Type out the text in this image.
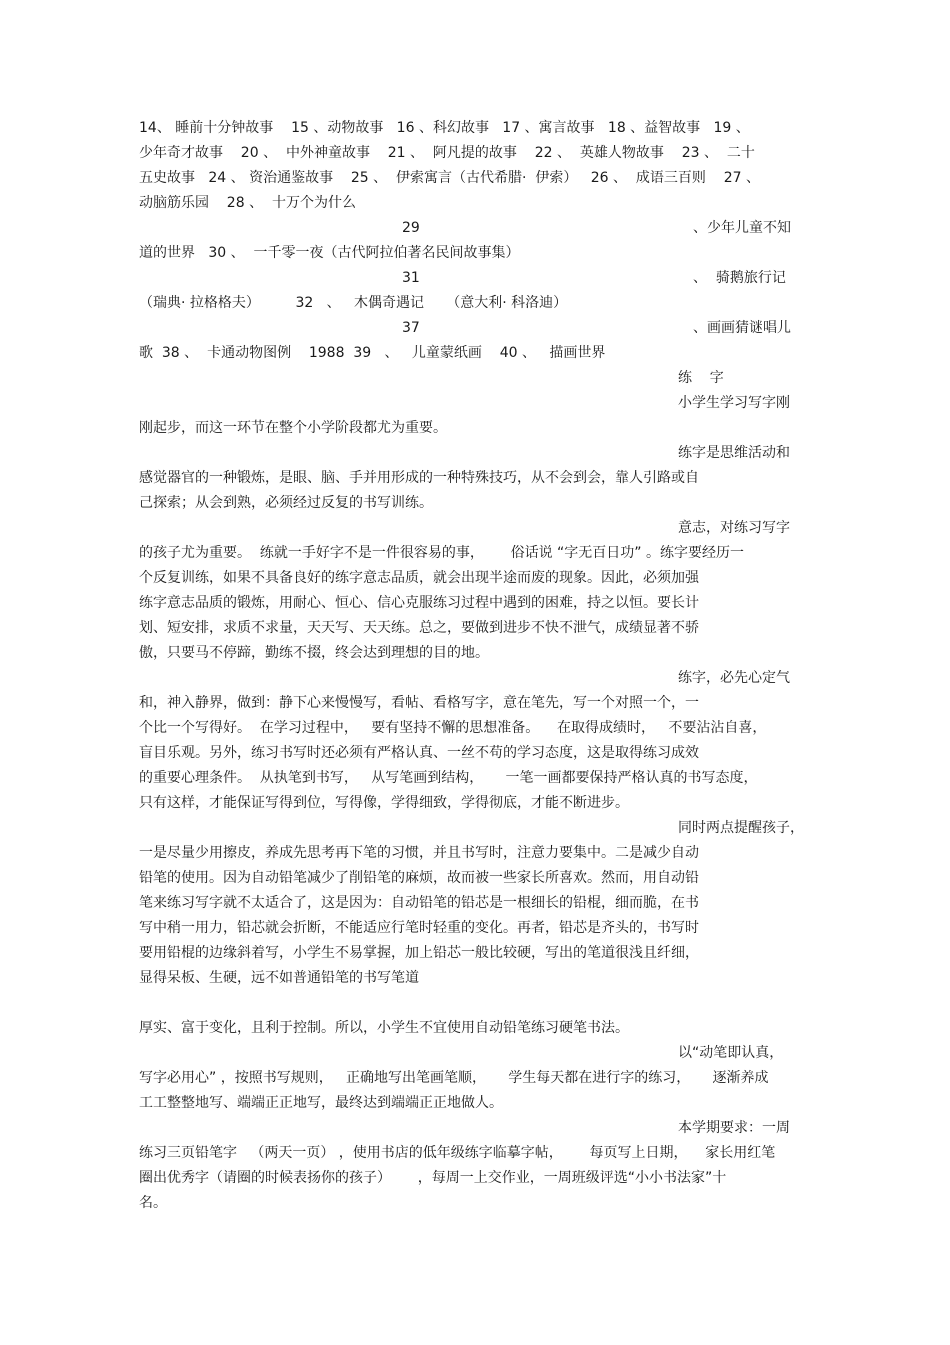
14、 睡前十分钟故事    15 、动物故事   16 、科幻故事   17 、寓言故事   18 、益智故事   19 、
少年奇才故事    20 、  中外神童故事    21 、  阿凡提的故事    22 、  英雄人物故事    23 、  二十
五史故事   24 、 资治通鉴故事    25 、  伊索寓言（古代希腊·  伊索）   26 、  成语三百则    27 、
动脑筋乐园    28 、  十万个为什么
29	、少年儿童不知
道的世界   30 、  一千零一夜（古代阿拉伯著名民间故事集）
31	、  骑鹅旅行记
（瑞典· 拉格格夫）        32   、   木偶奇遇记     （意大利· 科洛迪）
37	、画画猜谜唱儿
歌  38 、  卡通动物图例    1988  39   、   儿童蒙纸画    40 、   描画世界
练    字
小学生学习写字刚
刚起步，而这一环节在整个小学阶段都尤为重要。
练字是思维活动和
感觉器官的一种锻炼，是眼、脑、手并用形成的一种特殊技巧，从不会到会，靠人引路或自
己探索；从会到熟，必须经过反复的书写训练。
意志，对练习写字
的孩子尤为重要。  练就一手好字不是一件很容易的事，      俗话说 “字无百日功” 。练字要经历一
个反复训练，如果不具备良好的练字意志品质，就会出现半途而废的现象。因此，必须加强
练字意志品质的锻炼，用耐心、恒心、信心克服练习过程中遇到的困难，持之以恒。要长计
划、短安排，求质不求量，天天写、天天练。总之，要做到进步不快不泄气，成绩显著不骄
傲，只要马不停蹄，勤练不掇，终会达到理想的目的地。
练字，必先心定气
和，神入静界，做到：静下心来慢慢写，看帖、看格写字，意在笔先，写一个对照一个，一
个比一个写得好。  在学习过程中，   要有坚持不懈的思想准备。    在取得成绩时，   不要沾沾自喜，
盲目乐观。另外，练习书写时还必须有严格认真、一丝不苟的学习态度，这是取得练习成效
的重要心理条件。  从执笔到书写，   从写笔画到结构，     一笔一画都要保持严格认真的书写态度，
只有这样，才能保证写得到位，写得像，学得细致，学得彻底，才能不断进步。
同时两点提醒孩子，
一是尽量少用擦皮，养成先思考再下笔的习惯，并且书写时，注意力要集中。二是减少自动
铅笔的使用。因为自动铅笔减少了削铅笔的麻烦，故而被一些家长所喜欢。然而，用自动铅
笔来练习写字就不太适合了，这是因为：自动铅笔的铅芯是一根细长的铅棍，细而脆，在书
写中稍一用力，铅芯就会折断，不能适应行笔时轻重的变化。再者，铅芯是齐头的，书写时
要用铅棍的边缘斜着写，小学生不易掌握，加上铅芯一般比较硬，写出的笔道很浅且纤细，
显得呆板、生硬，远不如普通铅笔的书写笔道
厚实、富于变化，且利于控制。所以，小学生不宜使用自动铅笔练习硬笔书法。
以“动笔即认真，
写字必用心” ，按照书写规则，   正确地写出笔画笔顺，     学生每天都在进行字的练习，     逐渐养成
工工整整地写、端端正正地写，最终达到端端正正地做人。
本学期要求：一周
练习三页铅笔字   （两天一页） ，使用书店的低年级练字临摹字帖，      每页写上日期，    家长用红笔
圈出优秀字（请圈的时候表扬你的孩子）      ，每周一上交作业，一周班级评选“小小书法家”十
名。
